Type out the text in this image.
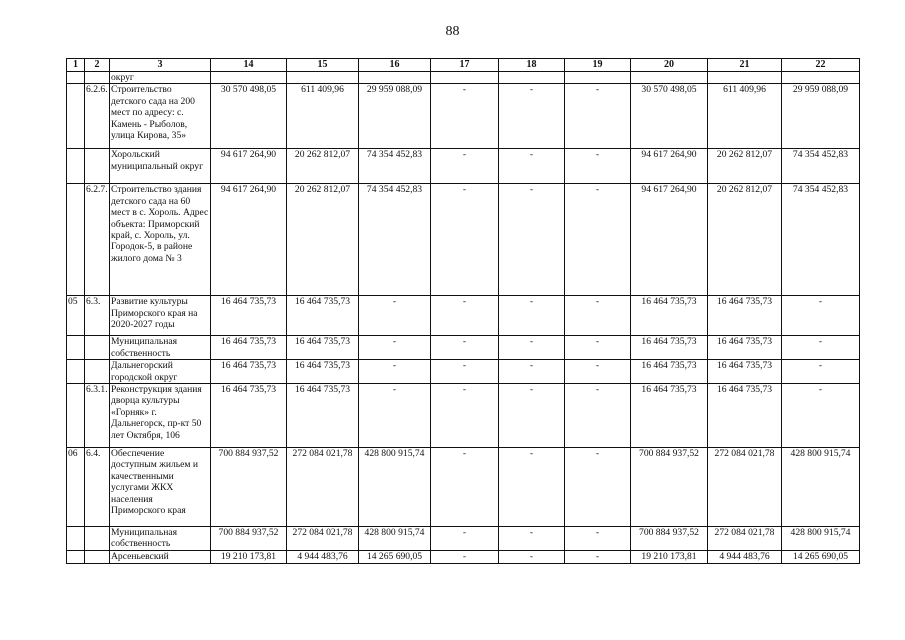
88
1	2	3	14	15	16	17	18	19	20	21	22
		округ									
	6.2.6.	Строительство детского сада на 200 мест по адресу: с. Камень - Рыболов, улица Кирова, 35»	30 570 498,05	611 409,96	29 959 088,09	-	-	-	30 570 498,05	611 409,96	29 959 088,09
		Хорольский муниципальный округ	94 617 264,90	20 262 812,07	74 354 452,83	-	-	-	94 617 264,90	20 262 812,07	74 354 452,83
	6.2.7.	Строительство здания детского сада на 60 мест в с. Хороль. Адрес объекта: Приморский край, с. Хороль, ул. Городок-5, в районе жилого дома № 3	94 617 264,90	20 262 812,07	74 354 452,83	-	-	-	94 617 264,90	20 262 812,07	74 354 452,83
05	6.3.	Развитие культуры Приморского края на 2020-2027 годы	16 464 735,73	16 464 735,73	-	-	-	-	16 464 735,73	16 464 735,73	-
		Муниципальная собственность	16 464 735,73	16 464 735,73	-	-	-	-	16 464 735,73	16 464 735,73	-
		Дальнегорский городской округ	16 464 735,73	16 464 735,73	-	-	-	-	16 464 735,73	16 464 735,73	-
	6.3.1.	Реконструкция здания дворца культуры «Горняк» г. Дальнегорск, пр-кт 50 лет Октября, 106	16 464 735,73	16 464 735,73	-	-	-	-	16 464 735,73	16 464 735,73	-
06	6.4.	Обеспечение доступным жильем и качественными услугами ЖКХ населения Приморского края	700 884 937,52	272 084 021,78	428 800 915,74	-	-	-	700 884 937,52	272 084 021,78	428 800 915,74
		Муниципальная собственность	700 884 937,52	272 084 021,78	428 800 915,74	-	-	-	700 884 937,52	272 084 021,78	428 800 915,74
		Арсеньевский	19 210 173,81	4 944 483,76	14 265 690,05	-	-	-	19 210 173,81	4 944 483,76	14 265 690,05
